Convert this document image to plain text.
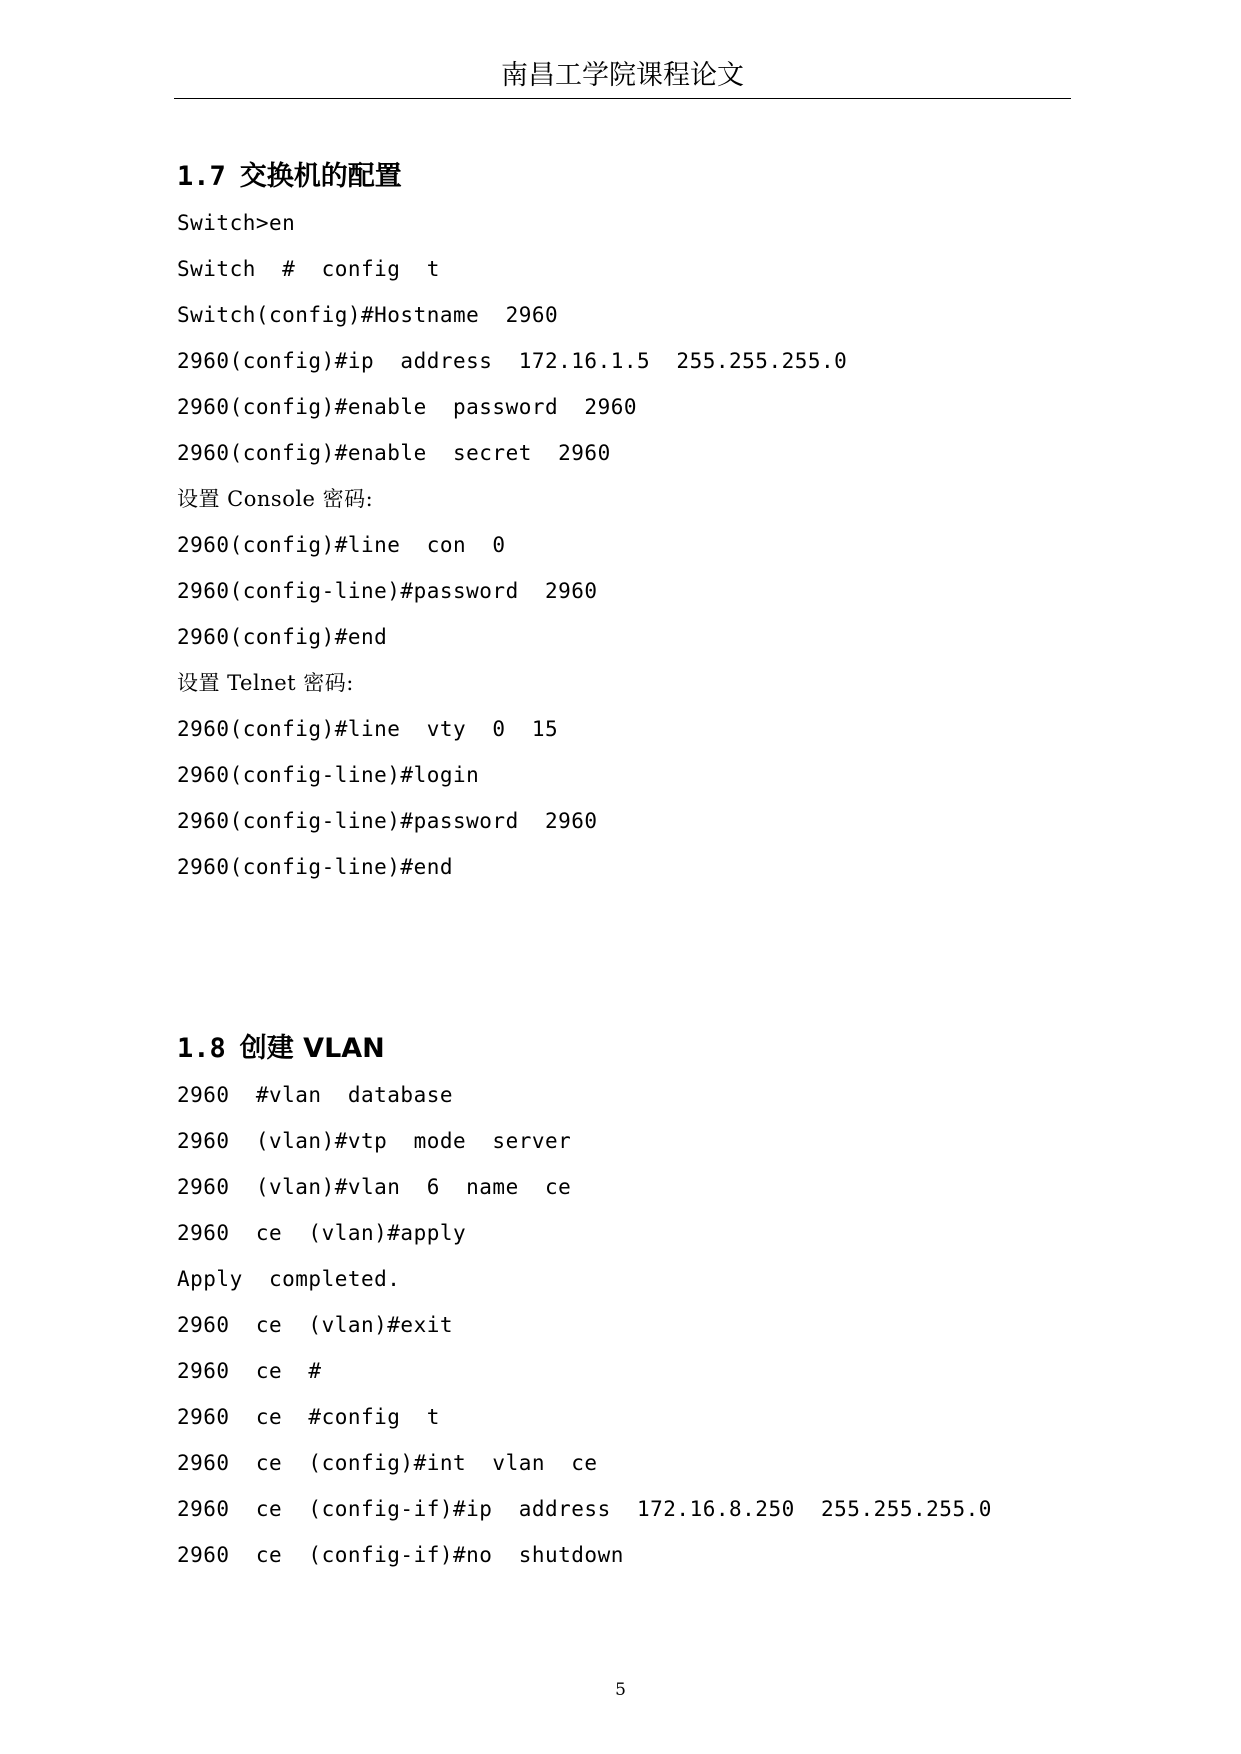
南昌工学院课程论文
1.7 交换机的配置
Switch>en
Switch  #  config  t
Switch(config)#Hostname  2960
2960(config)#ip  address  172.16.1.5  255.255.255.0
2960(config)#enable  password  2960
2960(config)#enable  secret  2960
设置 Console 密码:
2960(config)#line  con  0
2960(config-line)#password  2960
2960(config)#end
设置 Telnet 密码:
2960(config)#line  vty  0  15
2960(config-line)#login
2960(config-line)#password  2960
2960(config-line)#end
1.8 创建 VLAN
2960  #vlan  database
2960  (vlan)#vtp  mode  server
2960  (vlan)#vlan  6  name  ce
2960  ce  (vlan)#apply
Apply  completed.
2960  ce  (vlan)#exit
2960  ce  #
2960  ce  #config  t
2960  ce  (config)#int  vlan  ce
2960  ce  (config-if)#ip  address  172.16.8.250  255.255.255.0
2960  ce  (config-if)#no  shutdown
5
